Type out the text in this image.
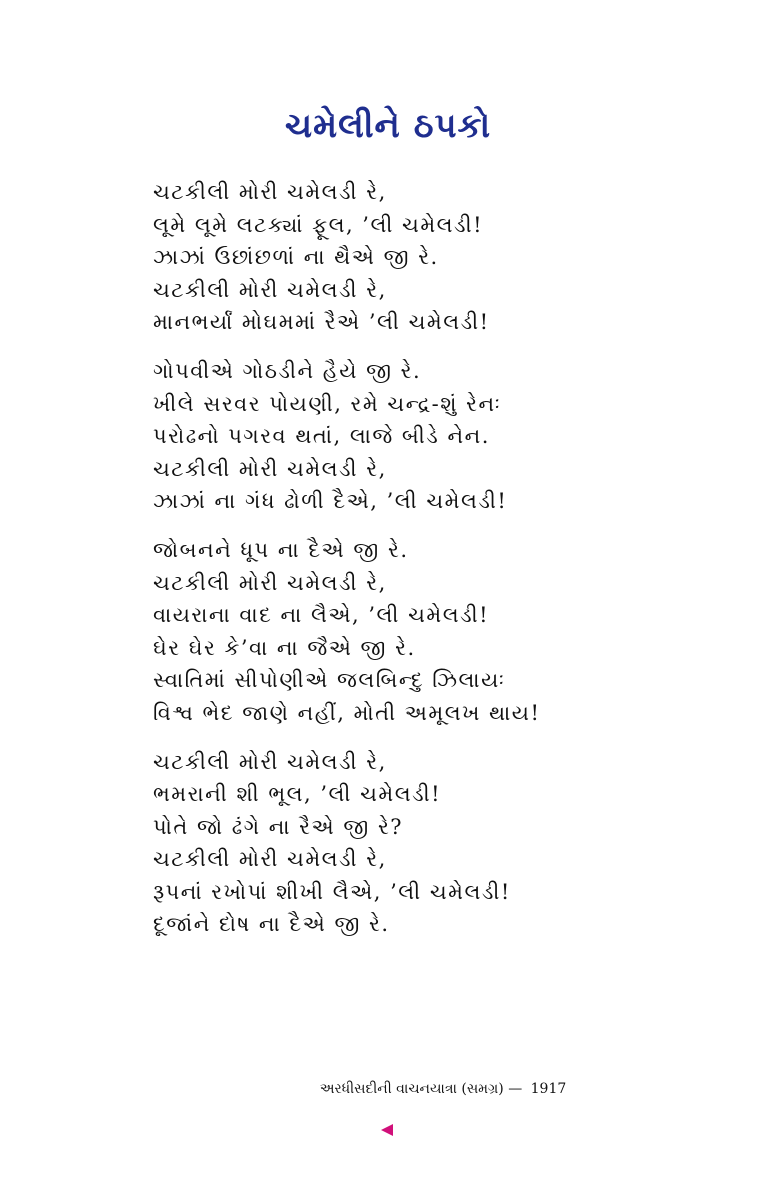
ચમેલીને ઠપકો
ચટકીલી મોરી ચમેલડી રે,
લૂમે લૂમે લટક્યાં ફૂલ, ’લી ચમેલડી!
ઝાઝાં ઉછાંછળાં ના થૈએ જી રે.
ચટકીલી મોરી ચમેલડી રે,
માનભર્યાં મોઘમમાં રૈએ ’લી ચમેલડી!
ગોપવીએ ગોઠડીને હૈયે જી રે.
ખીલે સરવર પોયણી, રમે ચન્દ્ર-શું રેનઃ
પરોઢનો પગરવ થતાં, લાજે બીડે નેન.
ચટકીલી મોરી ચમેલડી રે,
ઝાઝાં ના ગંધ ઢોળી દૈએ, ’લી ચમેલડી!
જોબનને ધૂપ ના દૈએ જી રે.
ચટકીલી મોરી ચમેલડી રે,
વાયરાના વાદ ના લૈએ, ’લી ચમેલડી!
ઘેર ઘેર કે’વા ના જૈએ જી રે.
સ્વાતિમાં સીપોણીએ જલબિન્દુ ઝિલાયઃ
વિશ્વ ભેદ જાણે નહીં, મોતી અમૂલખ થાય!
ચટકીલી મોરી ચમેલડી રે,
ભમરાની શી ભૂલ, ’લી ચમેલડી!
પોતે જો ઢંગે ના રૈએ જી રે?
ચટકીલી મોરી ચમેલડી રે,
રૂપનાં રખોપાં શીખી લૈએ, ’લી ચમેલડી!
દૂજાંને દોષ ના દૈએ જી રે.
અરધીસદીની વાચનયાત્રા (સમગ્ર) — 1917
